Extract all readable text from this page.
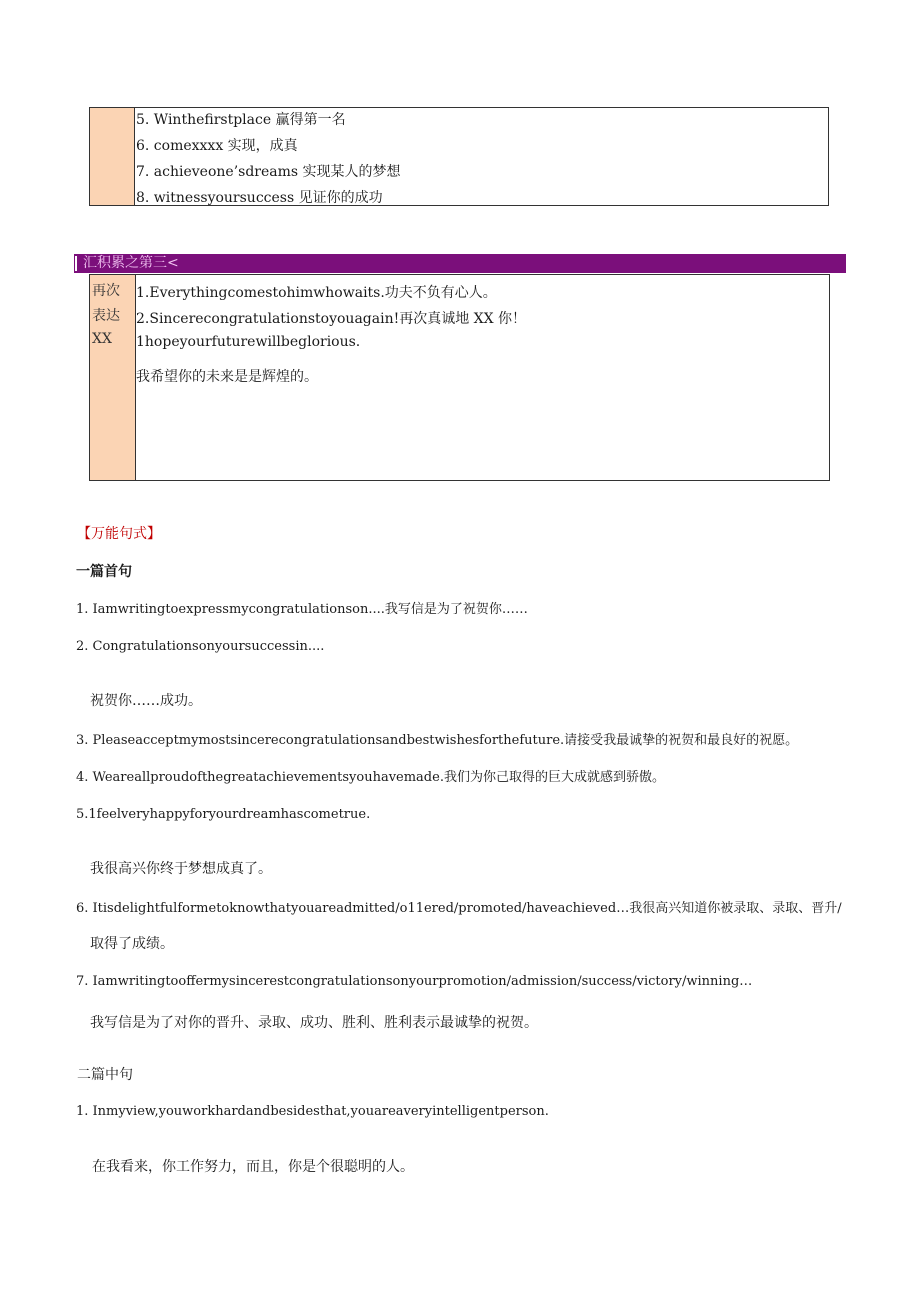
5. Winthefirstplace 赢得第一名
6. comexxxx 实现，成真
7. achieveone’sdreams 实现某人的梦想
8. witnessyoursuccess 见证你的成功
汇积累之第三<
再次
表达
XX
1.Everythingcomestohimwhowaits.功夫不负有心人。
2.Sincerecongratulationstoyouagain!再次真诚地 XX 你！
1hopeyourfuturewillbeglorious.
我希望你的未来是是辉煌的。
【万能句式】
一篇首句
1. Iamwritingtoexpressmycongratulationson....我写信是为了祝贺你……
2. Congratulationsonyoursuccessin....
祝贺你……成功。
3. Pleaseacceptmymostsincerecongratulationsandbestwishesforthefuture.请接受我最诚挚的祝贺和最良好的祝愿。
4. Weareallproudofthegreatachievementsyouhavemade.我们为你己取得的巨大成就感到骄傲。
5.1feelveryhappyforyourdreamhascometrue.
我很高兴你终于梦想成真了。
6. Itisdelightfulformetoknowthatyouareadmitted/o11ered/promoted/haveachieved…我很高兴知道你被录取、录取、晋升/
取得了成绩。
7. Iamwritingtooffermysincerestcongratulationsonyourpromotion/admission/success/victory/winning…
我写信是为了对你的晋升、录取、成功、胜利、胜利表示最诚挚的祝贺。
二篇中句
1. Inmyview,youworkhardandbesidesthat,youareaveryintelligentperson.
在我看来，你工作努力，而且，你是个很聪明的人。
